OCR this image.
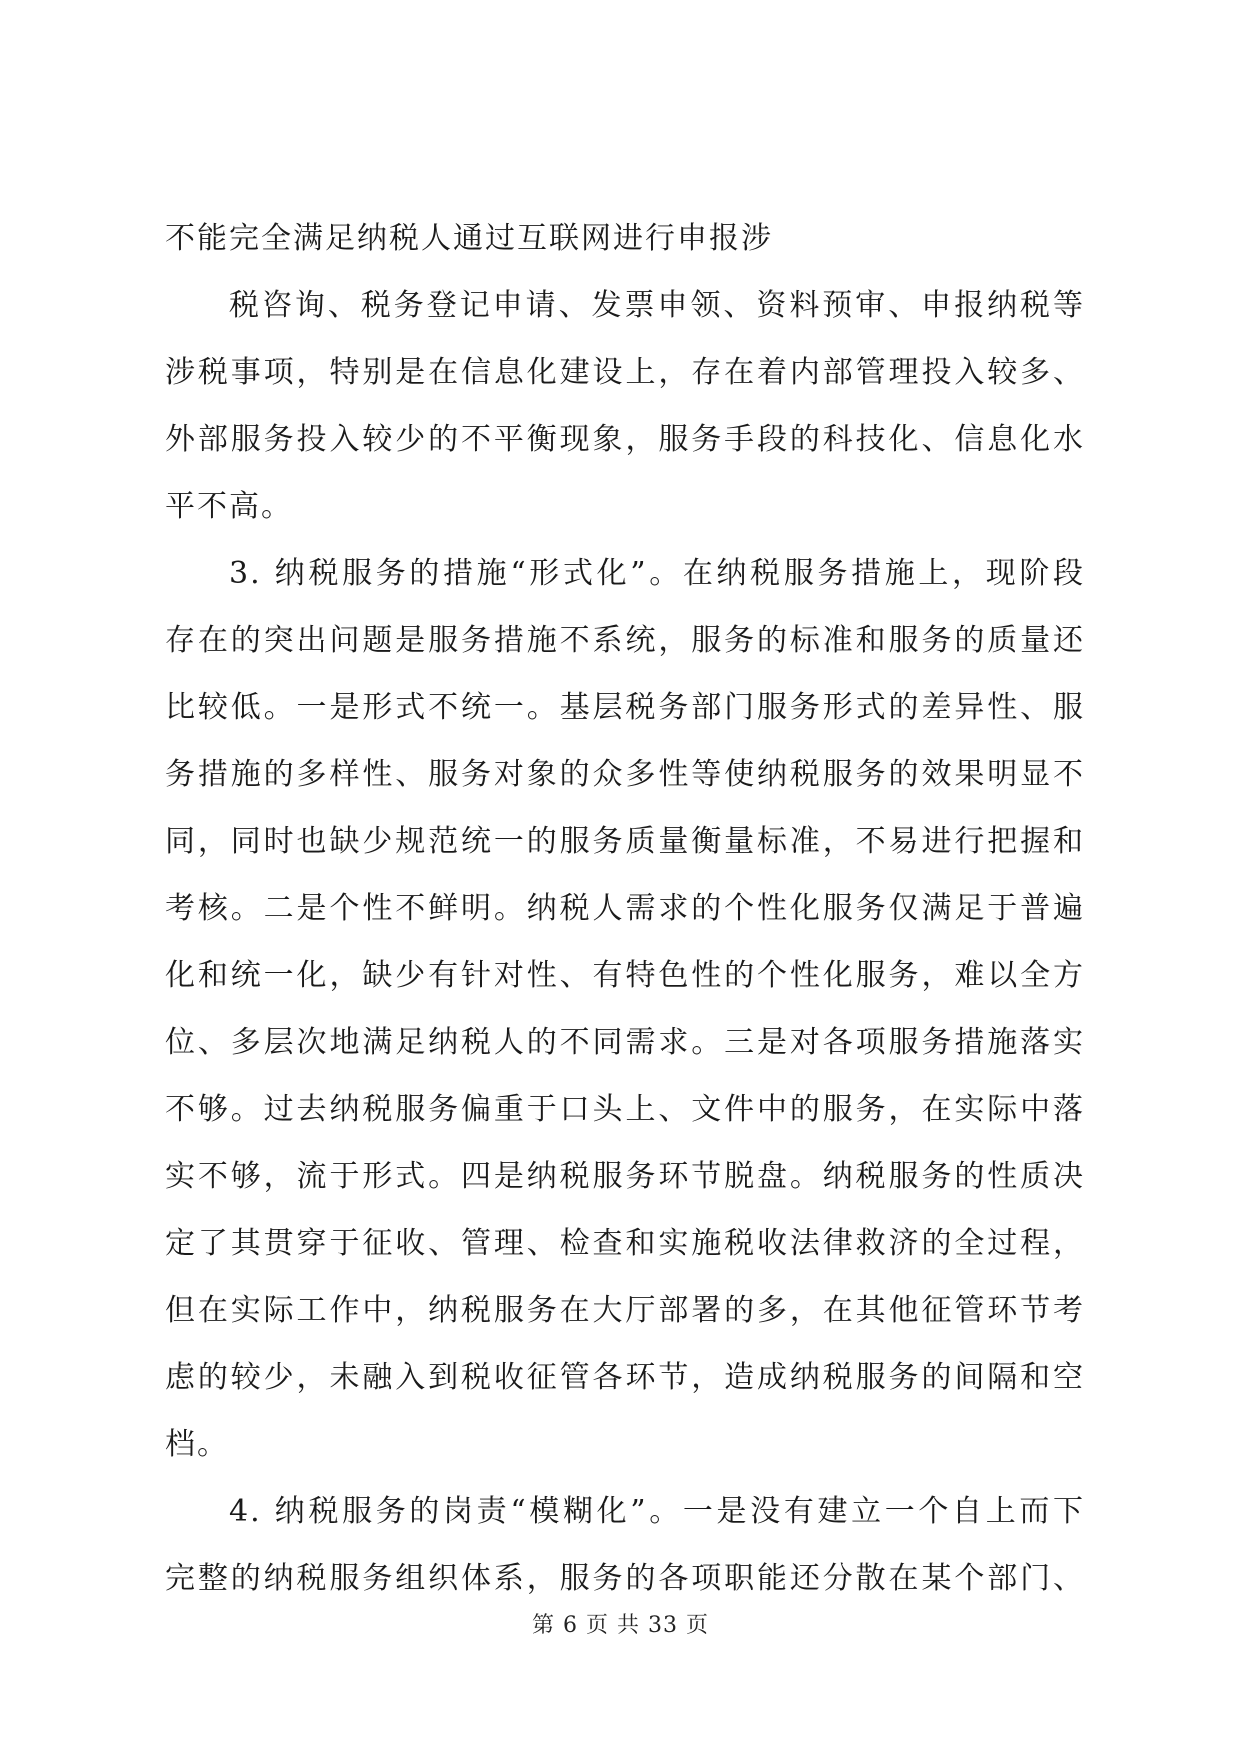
不能完全满足纳税人通过互联网进行申报涉
税咨询、税务登记申请、发票申领、资料预审、申报纳税等
涉税事项，特别是在信息化建设上，存在着内部管理投入较多、
外部服务投入较少的不平衡现象，服务手段的科技化、信息化水
平不高。
3. 纳税服务的措施“形式化”。在纳税服务措施上，现阶段
存在的突出问题是服务措施不系统，服务的标准和服务的质量还
比较低。一是形式不统一。基层税务部门服务形式的差异性、服
务措施的多样性、服务对象的众多性等使纳税服务的效果明显不
同，同时也缺少规范统一的服务质量衡量标准，不易进行把握和
考核。二是个性不鲜明。纳税人需求的个性化服务仅满足于普遍
化和统一化，缺少有针对性、有特色性的个性化服务，难以全方
位、多层次地满足纳税人的不同需求。三是对各项服务措施落实
不够。过去纳税服务偏重于口头上、文件中的服务，在实际中落
实不够，流于形式。四是纳税服务环节脱盘。纳税服务的性质决
定了其贯穿于征收、管理、检查和实施税收法律救济的全过程，
但在实际工作中，纳税服务在大厅部署的多，在其他征管环节考
虑的较少，未融入到税收征管各环节，造成纳税服务的间隔和空
档。
4. 纳税服务的岗责“模糊化”。一是没有建立一个自上而下
完整的纳税服务组织体系，服务的各项职能还分散在某个部门、
第 6 页 共 33 页
